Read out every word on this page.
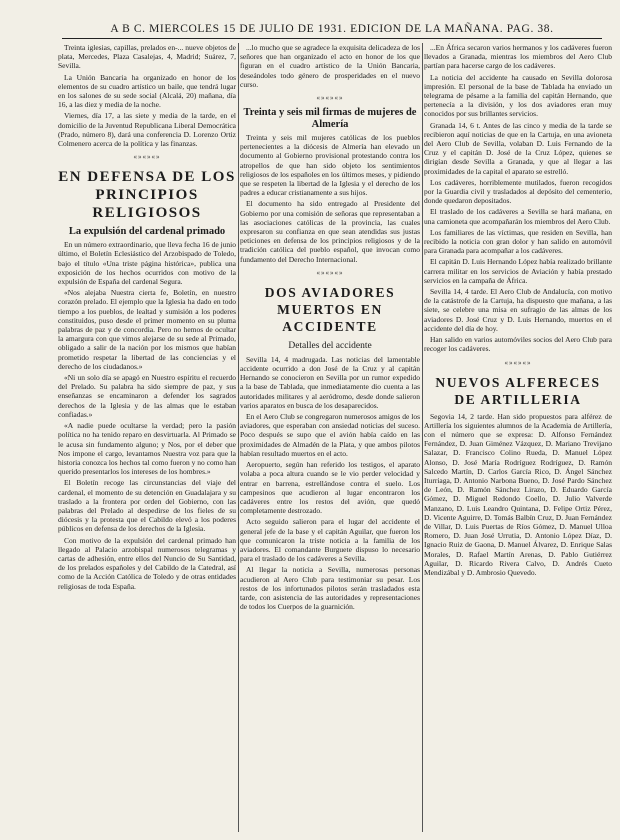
A B C. MIERCOLES 15 DE JULIO DE 1931. EDICION DE LA MAÑANA. PAG. 38.

Treinta iglesias, capillas, prelados en-... nueve objetos de plata, Mercedes, Plaza Casalejas, 4, Madrid; Suárez, 7, Sevilla.

La Unión Bancaria ha organizado en honor de los elementos de su cuadro artístico un baile, que tendrá lugar en los salones de su sede social (Alcalá, 20) mañana, día 16, a las diez y media de la noche.

Viernes, día 17, a las siete y media de la tarde, en el domicilio de la Juventud Republicana Liberal Democrática (Prado, número 8), dará una conferencia D. Lorenzo Ortiz Colmenero acerca de la política y las finanzas.

«»«»«»
EN DEFENSA DE LOS PRINCIPIOS RELIGIOSOS
La expulsión del cardenal primado

En un número extraordinario, que lleva fecha 16 de junio último, el Boletín Eclesiástico del Arzobispado de Toledo, bajo el título «Una triste página histórica», publica una exposición de los hechos ocurridos con motivo de la expulsión de España del cardenal Segura.

«Nos alejaba Nuestra cierta fe, Boletín, en nuestro corazón prelado. El ejemplo que la Iglesia ha dado en todo tiempo a los pueblos, de lealtad y sumisión a los poderes constituidos, puso desde el primer momento en su pluma palabras de paz y de concordia. Pero no hemos de ocultar la amargura con que vimos alejarse de su sede al Primado, obligado a salir de la nación por los mismos que habían prometido respetar la libertad de las conciencias y el derecho de los ciudadanos.»

«Ni un solo día se apagó en Nuestro espíritu el recuerdo del Prelado. Su palabra ha sido siempre de paz, y sus enseñanzas se encaminaron a defender los sagrados derechos de la Iglesia y de las almas que le estaban confiadas.»

«A nadie puede ocultarse la verdad; pero la pasión política no ha tenido reparo en desvirtuarla. Al Primado se le acusa sin fundamento alguno; y Nos, por el deber que Nos impone el cargo, levantamos Nuestra voz para que la historia conozca los hechos tal como fueron y no como han querido presentarlos los intereses de los hombres.»

El Boletín recoge las circunstancias del viaje del cardenal, el momento de su detención en Guadalajara y su traslado a la frontera por orden del Gobierno, con las palabras del Prelado al despedirse de los fieles de su diócesis y la protesta que el Cabildo elevó a los poderes públicos en defensa de los derechos de la Iglesia.

Con motivo de la expulsión del cardenal primado han llegado al Palacio arzobispal numerosos telegramas y cartas de adhesión, entre ellos del Nuncio de Su Santidad, de los prelados españoles y del Cabildo de la Catedral, así como de la Acción Católica de Toledo y de otras entidades religiosas de toda España.

...lo mucho que se agradece la exquisita delicadeza de los señores que han organizado el acto en honor de los que figuran en el cuadro artístico de la Unión Bancaria, deseándoles todo género de prosperidades en el nuevo curso.

«»«»«»
Treinta y seis mil firmas de mujeres de Almería

Treinta y seis mil mujeres católicas de los pueblos pertenecientes a la diócesis de Almería han elevado un documento al Gobierno provisional protestando contra los atropellos de que han sido objeto los sentimientos religiosos de los españoles en los últimos meses, y pidiendo que se respeten la libertad de la Iglesia y el derecho de los padres a educar cristianamente a sus hijos.

El documento ha sido entregado al Presidente del Gobierno por una comisión de señoras que representaban a las asociaciones católicas de la provincia, las cuales expresaron su confianza en que sean atendidas sus justas peticiones en defensa de los principios religiosos y de la tradición católica del pueblo español, que invocan como fundamento del Derecho Internacional.

«»«»«»
DOS AVIADORES MUERTOS EN ACCIDENTE
Detalles del accidente

Sevilla 14, 4 madrugada. Las noticias del lamentable accidente ocurrido a don José de la Cruz y al capitán Hernando se conocieron en Sevilla por un rumor expedido a la base de Tablada, que inmediatamente dio cuenta a las autoridades militares y al aeródromo, desde donde salieron varios aparatos en busca de los desaparecidos.

En el Aero Club se congregaron numerosos amigos de los aviadores, que esperaban con ansiedad noticias del suceso. Poco después se supo que el avión había caído en las proximidades de Almadén de la Plata, y que ambos pilotos habían resultado muertos en el acto.

Aeropuerto, según han referido los testigos, el aparato volaba a poca altura cuando se le vio perder velocidad y entrar en barrena, estrellándose contra el suelo. Los campesinos que acudieron al lugar encontraron los cadáveres entre los restos del avión, que quedó completamente destrozado.

Acto seguido salieron para el lugar del accidente el general jefe de la base y el capitán Aguilar, que fueron los que comunicaron la triste noticia a la familia de los aviadores. El comandante Burguete dispuso lo necesario para el traslado de los cadáveres a Sevilla.

Al llegar la noticia a Sevilla, numerosas personas acudieron al Aero Club para testimoniar su pesar. Los restos de los infortunados pilotos serán trasladados esta tarde, con asistencia de las autoridades y representaciones de todos los Cuerpos de la guarnición.

...En África secaron varios hermanos y los cadáveres fueron llevados a Granada, mientras los miembros del Aero Club partían para hacerse cargo de los cadáveres.

La noticia del accidente ha causado en Sevilla dolorosa impresión. El personal de la base de Tablada ha enviado un telegrama de pésame a la familia del capitán Hernando, que pertenecía a la división, y los dos aviadores eran muy conocidos por sus brillantes servicios.

Granada 14, 6 t. Antes de las cinco y media de la tarde se recibieron aquí noticias de que en la Cartuja, en una avioneta del Aero Club de Sevilla, volaban D. Luis Fernando de la Cruz y el capitán D. José de la Cruz López, quienes se dirigían desde Sevilla a Granada, y que al llegar a las proximidades de la capital el aparato se estrelló.

Los cadáveres, horriblemente mutilados, fueron recogidos por la Guardia civil y trasladados al depósito del cementerio, donde quedaron depositados.

El traslado de los cadáveres a Sevilla se hará mañana, en una camioneta que acompañarán los miembros del Aero Club.

Los familiares de las víctimas, que residen en Sevilla, han recibido la noticia con gran dolor y han salido en automóvil para Granada para acompañar a los cadáveres.

El capitán D. Luis Hernando López había realizado brillante carrera militar en los servicios de Aviación y había prestado servicios en la campaña de África.

Sevilla 14, 4 tarde. El Aero Club de Andalucía, con motivo de la catástrofe de la Cartuja, ha dispuesto que mañana, a las siete, se celebre una misa en sufragio de las almas de los aviadores D. José Cruz y D. Luis Hernando, muertos en el accidente del día de hoy.

Han salido en varios automóviles socios del Aero Club para recoger los cadáveres.

«»«»«»
NUEVOS ALFERECES DE ARTILLERIA

Segovia 14, 2 tarde. Han sido propuestos para alférez de Artillería los siguientes alumnos de la Academia de Artillería, con el número que se expresa: D. Alfonso Fernández Fernández, D. Juan Giménez Vázquez, D. Mariano Trevijano Salazar, D. Francisco Colino Rueda, D. Manuel López Alonso, D. José María Rodríguez Rodríguez, D. Ramón Salcedo Martín, D. Carlos García Rico, D. Ángel Sánchez Iturriaga, D. Antonio Narbona Bueno, D. José Pardo Sánchez de León, D. Ramón Sánchez Lirazo, D. Eduardo García Gómez, D. Miguel Redondo Coello, D. Julio Valverde Manzano, D. Luis Leandro Quintana, D. Felipe Ortiz Pérez, D. Vicente Aguirre, D. Tomás Balbín Cruz, D. Juan Fernández de Villar, D. Luis Puertas de Ríos Gómez, D. Manuel Ulloa Romero, D. Juan José Urrutia, D. Antonio López Díaz, D. Ignacio Ruiz de Gaona, D. Manuel Álvarez, D. Enrique Salas Morales, D. Rafael Martín Arenas, D. Pablo Gutiérrez Aguilar, D. Ricardo Rivera Calvo, D. Andrés Cueto Mendizábal y D. Ambrosio Quevedo.
